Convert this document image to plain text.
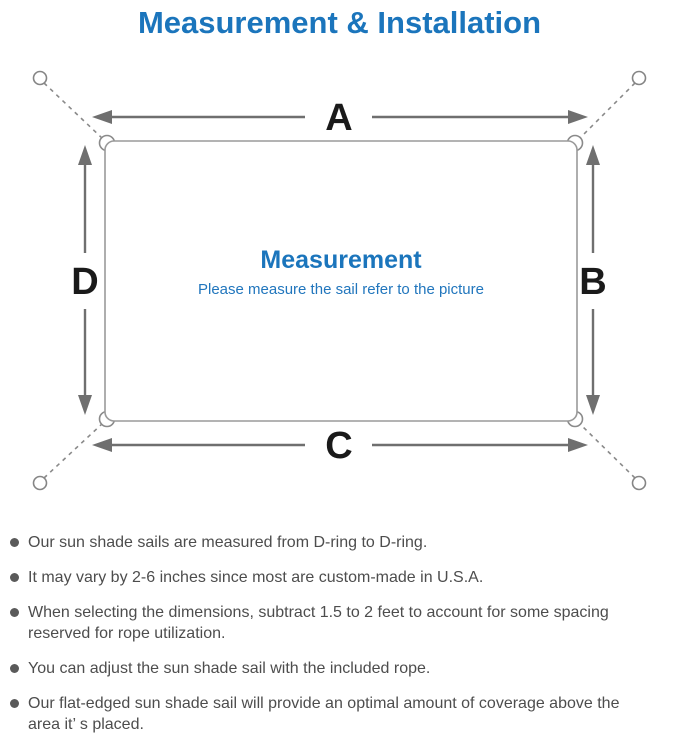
Measurement & Installation
A
C
D	B
Measurement
Please measure the sail refer to the picture
Our sun shade sails are measured from D-ring to D-ring.
It may vary by 2-6 inches since most are custom-made in U.S.A.
When selecting the dimensions, subtract 1.5 to 2 feet to account for some spacing reserved for rope utilization.
You can adjust the sun shade sail with the included rope.
Our flat-edged sun shade sail will provide an optimal amount of coverage above the area it’ s placed.
